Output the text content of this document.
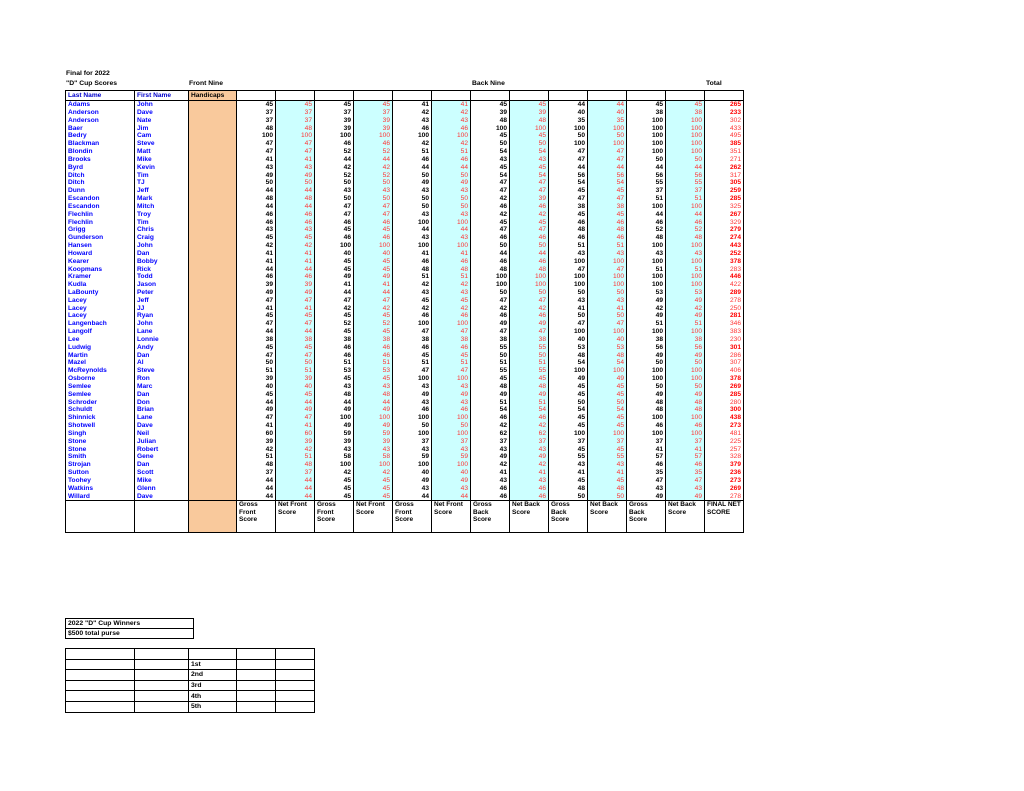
Final for 2022
"D" Cup Scores	Front Nine	Back Nine	Total
Last Name	First Name	Handicaps													
Adams	John		45	45	45	45	41	41	45	45	44	44	45	45	265
Anderson	Dave		37	37	37	37	42	42	39	39	40	40	38	38	233
Anderson	Nate		37	37	39	39	43	43	48	48	35	35	100	100	302
Baer	Jim		48	48	39	39	46	46	100	100	100	100	100	100	433
Bedry	Cam		100	100	100	100	100	100	45	45	50	50	100	100	495
Blackman	Steve		47	47	46	46	42	42	50	50	100	100	100	100	385
Blondin	Matt		47	47	52	52	51	51	54	54	47	47	100	100	351
Brooks	Mike		41	41	44	44	46	46	43	43	47	47	50	50	271
Byrd	Kevin		43	43	42	42	44	44	45	45	44	44	44	44	262
Ditch	Tim		49	49	52	52	50	50	54	54	56	56	56	56	317
Ditch	TJ		50	50	50	50	49	49	47	47	54	54	55	55	305
Dunn	Jeff		44	44	43	43	43	43	47	47	45	45	37	37	259
Escandon	Mark		48	48	50	50	50	50	42	39	47	47	51	51	285
Escandon	Mitch		44	44	47	47	50	50	46	46	38	38	100	100	325
Flechlin	Troy		46	46	47	47	43	43	42	42	45	45	44	44	267
Flechlin	Tim		46	46	46	46	100	100	45	45	46	46	46	46	329
Grigg	Chris		43	43	45	45	44	44	47	47	48	48	52	52	279
Gunderson	Craig		45	45	46	46	43	43	46	46	46	46	48	48	274
Hansen	John		42	42	100	100	100	100	50	50	51	51	100	100	443
Howard	Dan		41	41	40	40	41	41	44	44	43	43	43	43	252
Kearer	Bobby		41	41	45	45	46	46	46	46	100	100	100	100	378
Koopmans	Rick		44	44	45	45	48	48	48	48	47	47	51	51	283
Kramer	Todd		46	46	49	49	51	51	100	100	100	100	100	100	446
Kudla	Jason		39	39	41	41	42	42	100	100	100	100	100	100	422
LaBounty	Peter		49	49	44	44	43	43	50	50	50	50	53	53	289
Lacey	Jeff		47	47	47	47	45	45	47	47	43	43	49	49	278
Lacey	JJ		41	41	42	42	42	42	42	42	41	41	42	42	250
Lacey	Ryan		45	45	45	45	46	46	46	46	50	50	49	49	281
Langenbach	John		47	47	52	52	100	100	49	49	47	47	51	51	346
Langolf	Lane		44	44	45	45	47	47	47	47	100	100	100	100	383
Lee	Lonnie		38	38	38	38	38	38	38	38	40	40	38	38	230
Ludwig	Andy		45	45	46	46	46	46	55	55	53	53	56	56	301
Martin	Dan		47	47	46	46	45	45	50	50	48	48	49	49	286
Mazel	Al		50	50	51	51	51	51	51	51	54	54	50	50	307
McReynolds	Steve		51	51	53	53	47	47	55	55	100	100	100	100	406
Osborne	Ron		39	39	45	45	100	100	45	45	49	49	100	100	378
Semlee	Marc		40	40	43	43	43	43	48	48	45	45	50	50	269
Semlee	Dan		45	45	48	48	49	49	49	49	45	45	49	49	285
Schroder	Don		44	44	44	44	43	43	51	51	50	50	48	48	280
Schuldt	Brian		49	49	49	49	46	46	54	54	54	54	48	48	300
Shinnick	Lane		47	47	100	100	100	100	46	46	45	45	100	100	438
Shotwell	Dave		41	41	49	49	50	50	42	42	45	45	46	46	273
Singh	Neil		60	60	59	59	100	100	62	62	100	100	100	100	481
Stone	Julian		39	39	39	39	37	37	37	37	37	37	37	37	225
Stone	Robert		42	42	43	43	43	43	43	43	45	45	41	41	257
Smith	Gene		51	51	58	58	59	59	49	49	55	55	57	57	328
Strojan	Dan		48	48	100	100	100	100	42	42	43	43	46	46	379
Sutton	Scott		37	37	42	42	40	40	41	41	41	41	35	35	236
Toohey	Mike		44	44	45	45	49	49	43	43	45	45	47	47	273
Watkins	Glenn		44	44	45	45	43	43	46	46	48	48	43	43	269
Willard	Dave		44	44	45	45	44	44	46	46	50	50	49	49	278
			Gross Front Score	Net Front Score	Gross Front Score	Net Front Score	Gross Front Score	Net Front Score	Gross Back Score	Net Back Score	Gross Back Score	Net Back Score	Gross Back Score	Net Back Score	FINAL NET SCORE
2022 "D" Cup Winners
$500 total purse

		1st		
		2nd		
		3rd		
		4th		
		5th		
